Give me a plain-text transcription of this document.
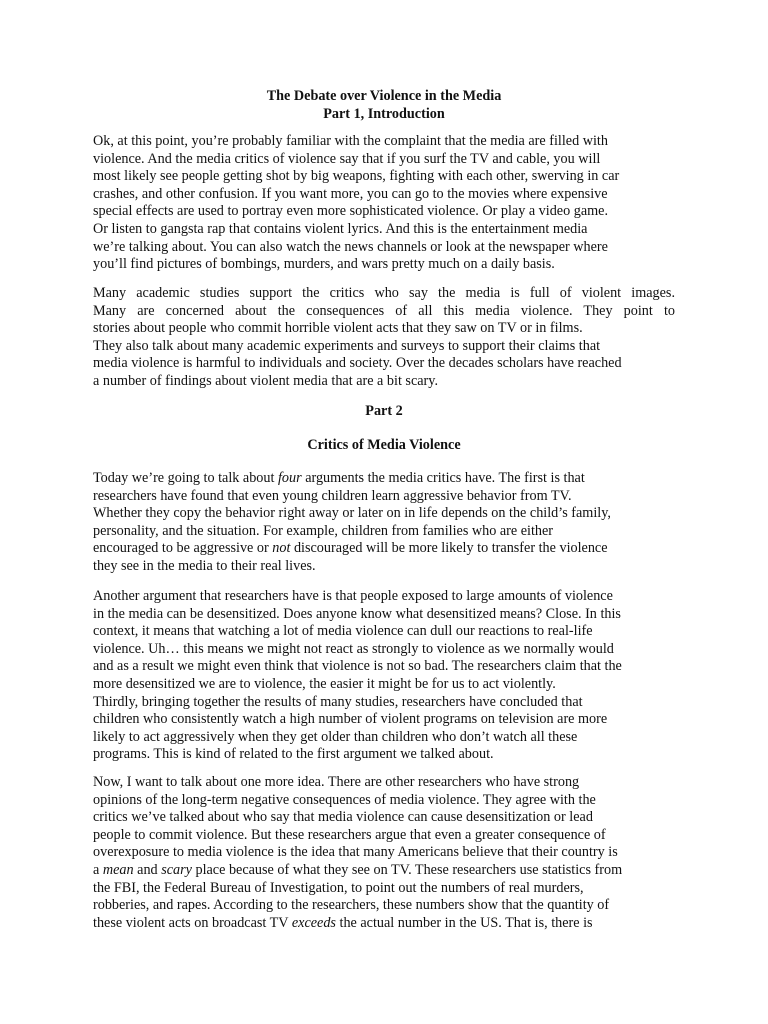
The Debate over Violence in the Media
Part 1, Introduction
Ok, at this point, you’re probably familiar with the complaint that the media are filled with
violence. And the media critics of violence say that if you surf the TV and cable, you will
most likely see people getting shot by big weapons, fighting with each other, swerving in car
crashes, and other confusion. If you want more, you can go to the movies where expensive
special effects are used to portray even more sophisticated violence. Or play a video game.
Or listen to gangsta rap that contains violent lyrics. And this is the entertainment media
we’re talking about. You can also watch the news channels or look at the newspaper where
you’ll find pictures of bombings, murders, and wars pretty much on a daily basis.
Many academic studies support the critics who say the media is full of violent images.
Many are concerned about the consequences of all this media violence. They point to
stories about people who commit horrible violent acts that they saw on TV or in films.
They also talk about many academic experiments and surveys to support their claims that
media violence is harmful to individuals and society. Over the decades scholars have reached
a number of findings about violent media that are a bit scary.
Part 2
Critics of Media Violence
Today we’re going to talk about four arguments the media critics have. The first is that
researchers have found that even young children learn aggressive behavior from TV.
Whether they copy the behavior right away or later on in life depends on the child’s family,
personality, and the situation. For example, children from families who are either
encouraged to be aggressive or not discouraged will be more likely to transfer the violence
they see in the media to their real lives.
Another argument that researchers have is that people exposed to large amounts of violence
in the media can be desensitized. Does anyone know what desensitized means? Close. In this
context, it means that watching a lot of media violence can dull our reactions to real-life
violence. Uh… this means we might not react as strongly to violence as we normally would
and as a result we might even think that violence is not so bad. The researchers claim that the
more desensitized we are to violence, the easier it might be for us to act violently.
Thirdly, bringing together the results of many studies, researchers have concluded that
children who consistently watch a high number of violent programs on television are more
likely to act aggressively when they get older than children who don’t watch all these
programs. This is kind of related to the first argument we talked about.
Now, I want to talk about one more idea. There are other researchers who have strong
opinions of the long-term negative consequences of media violence. They agree with the
critics we’ve talked about who say that media violence can cause desensitization or lead
people to commit violence. But these researchers argue that even a greater consequence of
overexposure to media violence is the idea that many Americans believe that their country is
a mean and scary place because of what they see on TV. These researchers use statistics from
the FBI, the Federal Bureau of Investigation, to point out the numbers of real murders,
robberies, and rapes. According to the researchers, these numbers show that the quantity of
these violent acts on broadcast TV exceeds the actual number in the US. That is, there is
